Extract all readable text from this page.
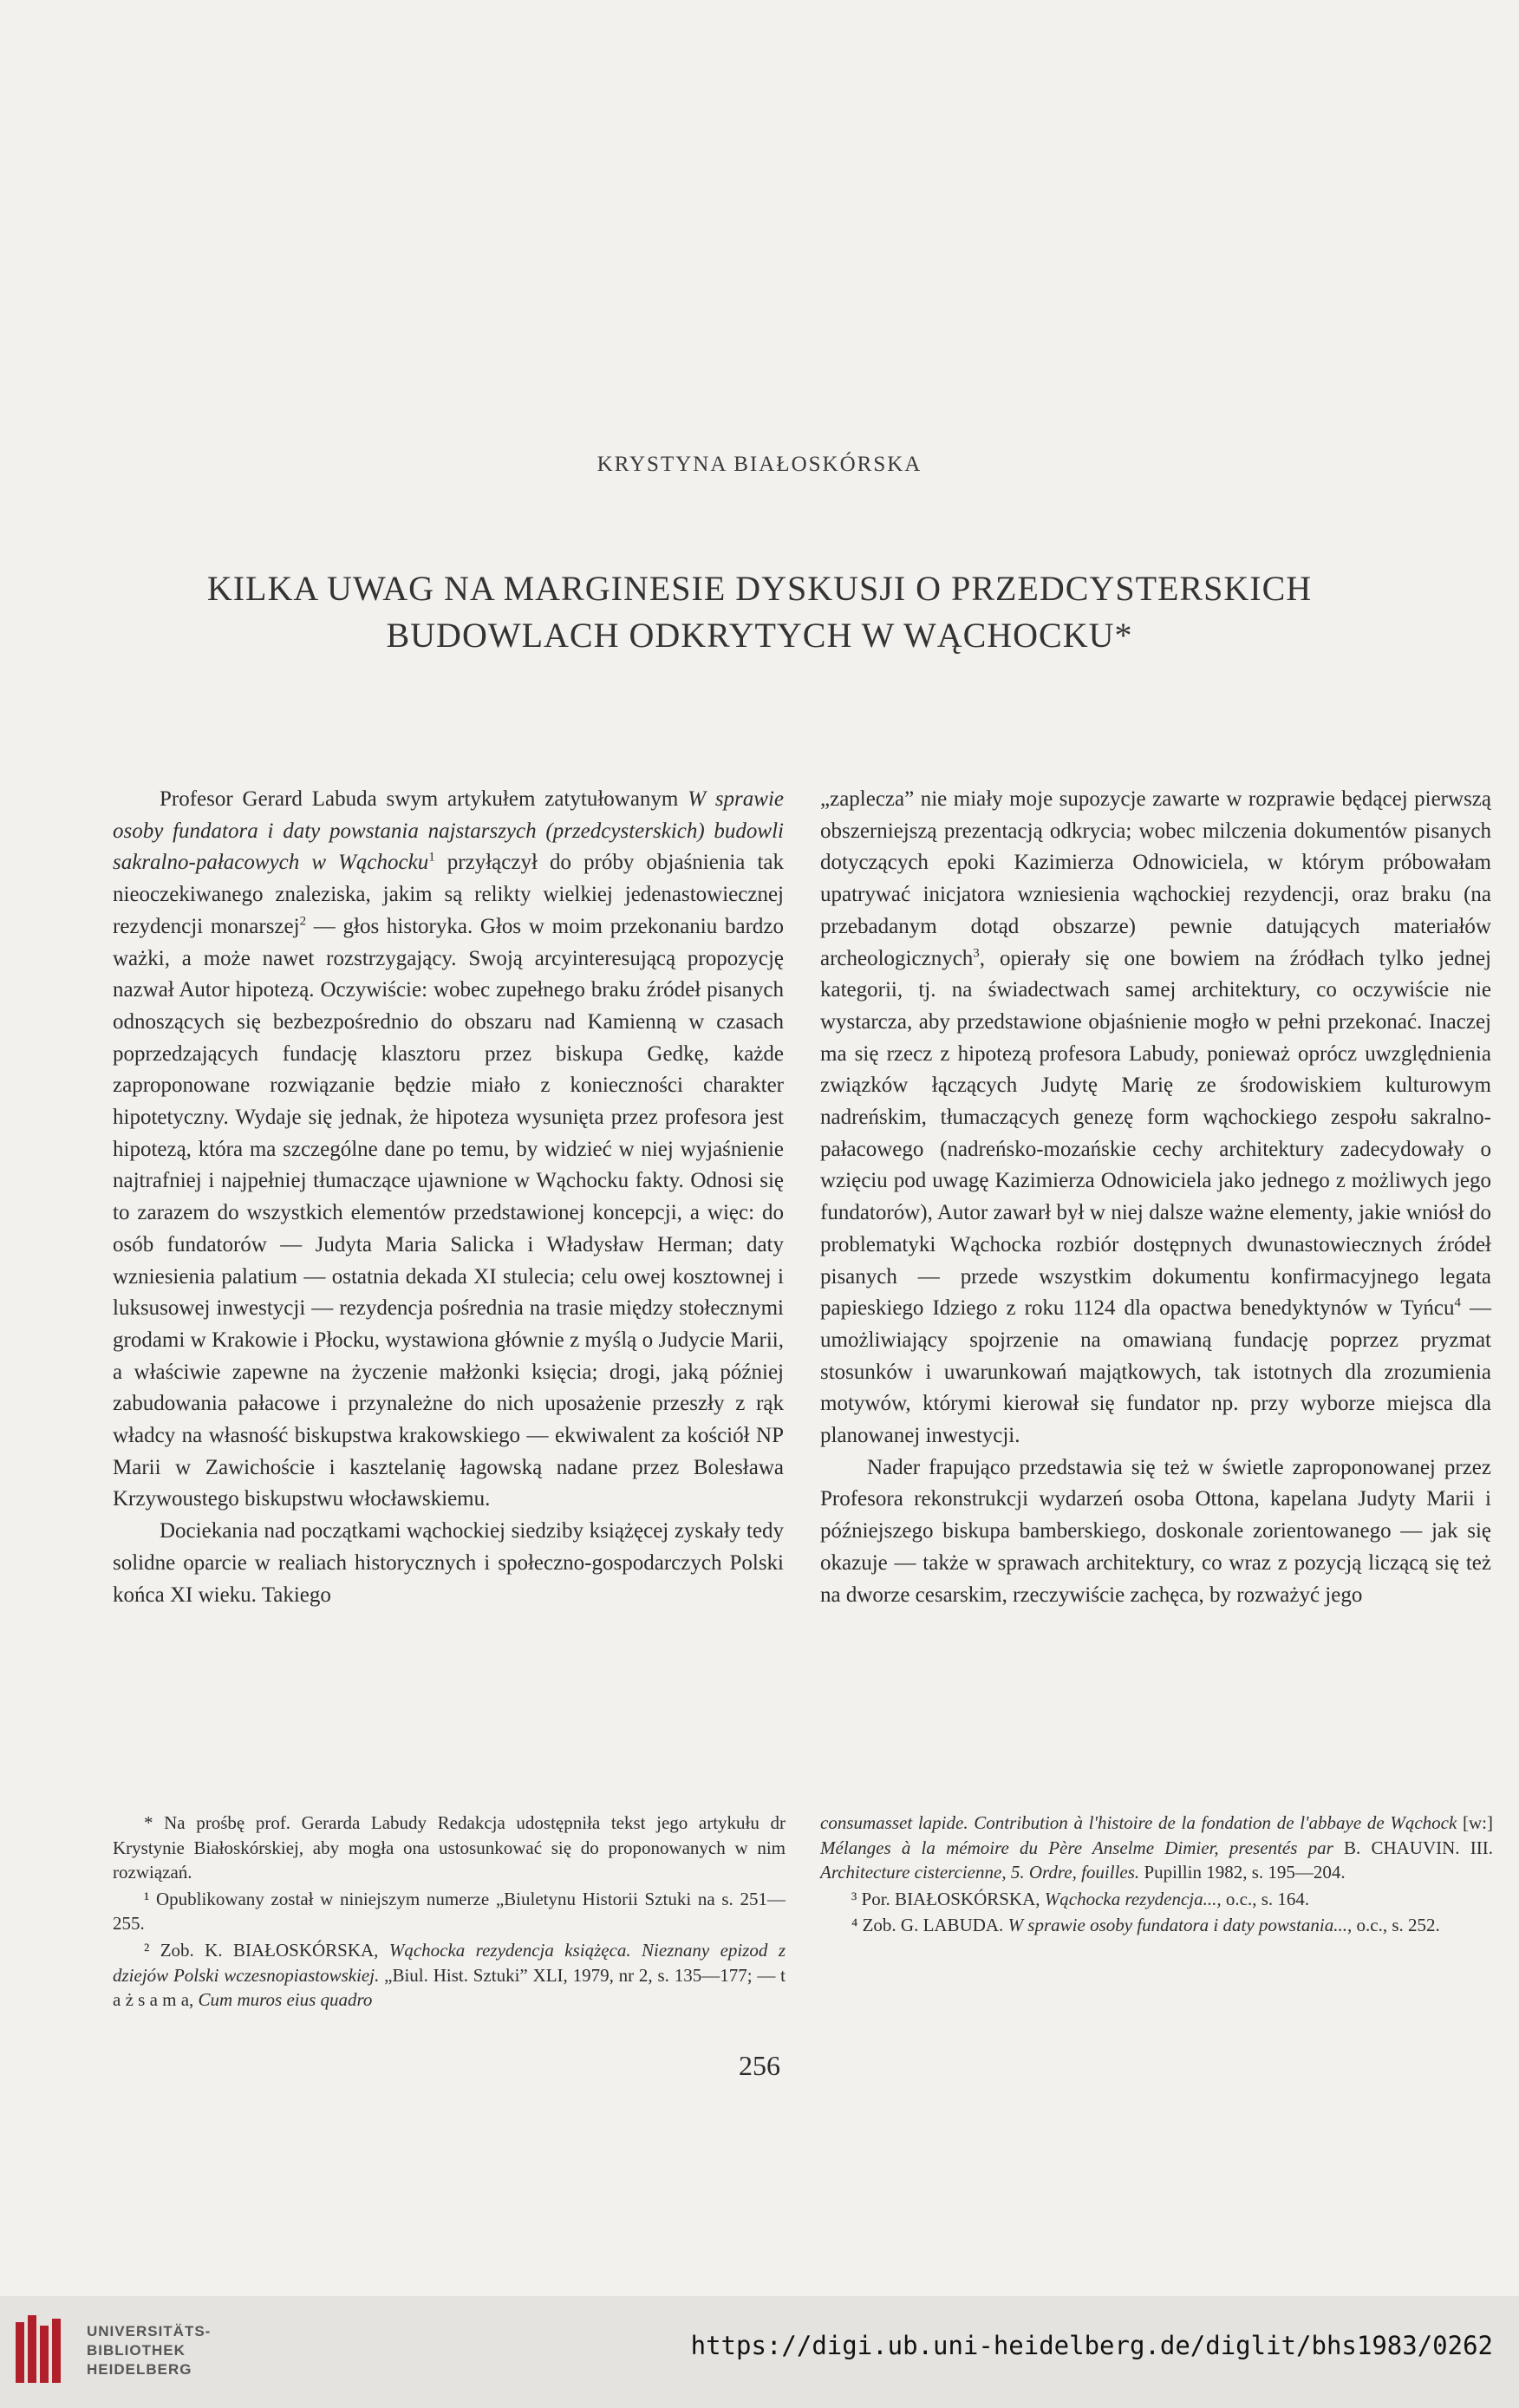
KRYSTYNA BIAŁOSKÓRSKA
KILKA UWAG NA MARGINESIE DYSKUSJI O PRZEDCYSTERSKICH
BUDOWLACH ODKRYTYCH W WĄCHOCKU*

Profesor Gerard Labuda swym artykułem zatytułowanym W sprawie osoby fundatora i daty powstania najstarszych (przedcysterskich) budowli sakralno-pałacowych w Wąchocku$^1$ przyłączył do próby objaśnienia tak nieoczekiwanego znaleziska, jakim są relikty wielkiej jedenastowiecznej rezydencji monarszej$^2$ — głos historyka. Głos w moim przekonaniu bardzo ważki, a może nawet rozstrzygający. Swoją arcyinteresującą propozycję nazwał Autor hipotezą. Oczywiście: wobec zupełnego braku źródeł pisanych odnoszących się bezbezpośrednio do obszaru nad Kamienną w czasach poprzedzających fundację klasztoru przez biskupa Gedkę, każde zaproponowane rozwiązanie będzie miało z konieczności charakter hipotetyczny. Wydaje się jednak, że hipoteza wysunięta przez profesora jest hipotezą, która ma szczególne dane po temu, by widzieć w niej wyjaśnienie najtrafniej i najpełniej tłumaczące ujawnione w Wąchocku fakty. Odnosi się to zarazem do wszystkich elementów przedstawionej koncepcji, a więc: do osób fundatorów — Judyta Maria Salicka i Władysław Herman; daty wzniesienia palatium — ostatnia dekada XI stulecia; celu owej kosztownej i luksusowej inwestycji — rezydencja pośrednia na trasie między stołecznymi grodami w Krakowie i Płocku, wystawiona głównie z myślą o Judycie Marii, a właściwie zapewne na życzenie małżonki księcia; drogi, jaką później zabudowania pałacowe i przynależne do nich uposażenie przeszły z rąk władcy na własność biskupstwa krakowskiego — ekwiwalent za kościół NP Marii w Zawichoście i kasztelanię łagowską nadane przez Bolesława Krzywoustego biskupstwu włocławskiemu.

Dociekania nad początkami wąchockiej siedziby książęcej zyskały tedy solidne oparcie w realiach historycznych i społeczno-gospodarczych Polski końca XI wieku. Takiego

„zaplecza” nie miały moje supozycje zawarte w rozprawie będącej pierwszą obszerniejszą prezentacją odkrycia; wobec milczenia dokumentów pisanych dotyczących epoki Kazimierza Odnowiciela, w którym próbowałam upatrywać inicjatora wzniesienia wąchockiej rezydencji, oraz braku (na przebadanym dotąd obszarze) pewnie datujących materiałów archeologicznych$^3$, opierały się one bowiem na źródłach tylko jednej kategorii, tj. na świadectwach samej architektury, co oczywiście nie wystarcza, aby przedstawione objaśnienie mogło w pełni przekonać. Inaczej ma się rzecz z hipotezą profesora Labudy, ponieważ oprócz uwzględnienia związków łączących Judytę Marię ze środowiskiem kulturowym nadreńskim, tłumaczących genezę form wąchockiego zespołu sakralno-pałacowego (nadreńsko-mozańskie cechy architektury zadecydowały o wzięciu pod uwagę Kazimierza Odnowiciela jako jednego z możliwych jego fundatorów), Autor zawarł był w niej dalsze ważne elementy, jakie wniósł do problematyki Wąchocka rozbiór dostępnych dwunastowiecznych źródeł pisanych — przede wszystkim dokumentu konfirmacyjnego legata papieskiego Idziego z roku 1124 dla opactwa benedyktynów w Tyńcu$^4$ — umożliwiający spojrzenie na omawianą fundację poprzez pryzmat stosunków i uwarunkowań majątkowych, tak istotnych dla zrozumienia motywów, którymi kierował się fundator np. przy wyborze miejsca dla planowanej inwestycji.

Nader frapująco przedstawia się też w świetle zaproponowanej przez Profesora rekonstrukcji wydarzeń osoba Ottona, kapelana Judyty Marii i późniejszego biskupa bamberskiego, doskonale zorientowanego — jak się okazuje — także w sprawach architektury, co wraz z pozycją liczącą się też na dworze cesarskim, rzeczywiście zachęca, by rozważyć jego

* Na prośbę prof. Gerarda Labudy Redakcja udostępniła tekst jego artykułu dr Krystynie Białoskórskiej, aby mogła ona ustosunkować się do proponowanych w nim rozwiązań.

¹ Opublikowany został w niniejszym numerze „Biuletynu Historii Sztuki na s. 251—255.

² Zob. K. BIAŁOSKÓRSKA, Wąchocka rezydencja książęca. Nieznany epizod z dziejów Polski wczesnopiastowskiej. „Biul. Hist. Sztuki” XLI, 1979, nr 2, s. 135—177; — t a ż s a m a, Cum muros eius quadro

consumasset lapide. Contribution à l'histoire de la fondation de l'abbaye de Wąchock [w:] Mélanges à la mémoire du Père Anselme Dimier, presentés par B. CHAUVIN. III. Architecture cistercienne, 5. Ordre, fouilles. Pupillin 1982, s. 195—204.

³ Por. BIAŁOSKÓRSKA, Wąchocka rezydencja..., o.c., s. 164.

⁴ Zob. G. LABUDA. W sprawie osoby fundatora i daty powstania..., o.c., s. 252.

256
UNIVERSITÄTS-
BIBLIOTHEK
HEIDELBERG
https://digi.ub.uni-heidelberg.de/diglit/bhs1983/0262
